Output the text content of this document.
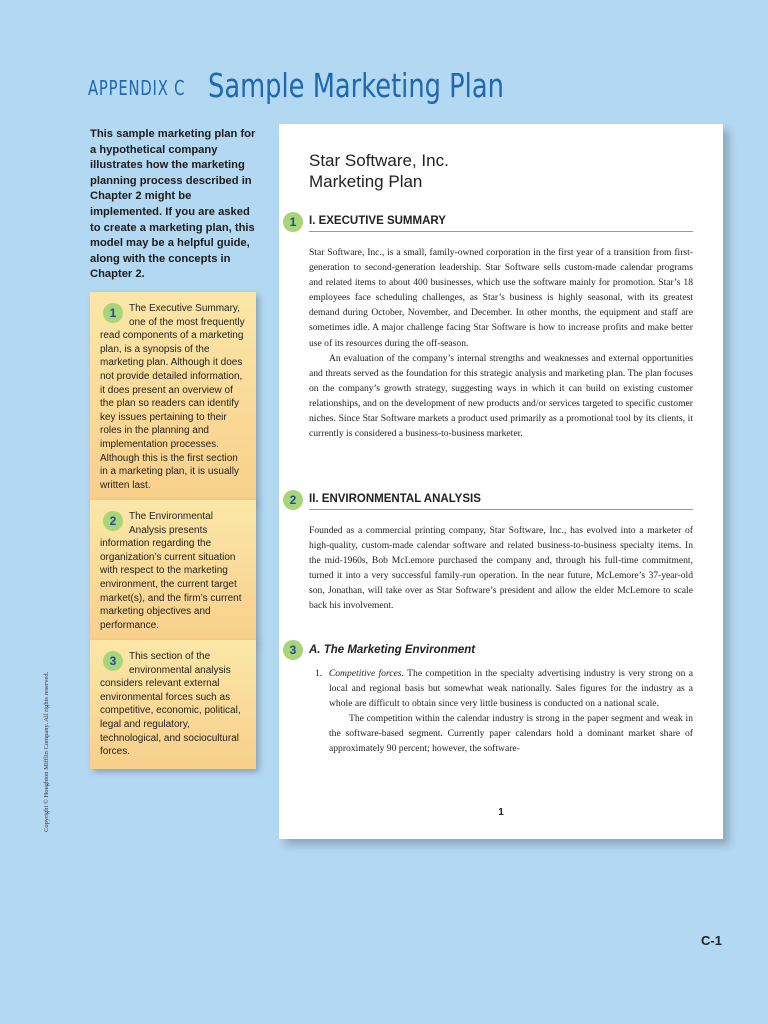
APPENDIX C Sample Marketing Plan

This sample marketing plan for a hypothetical company illustrates how the marketing planning process described in Chapter 2 might be implemented. If you are asked to create a marketing plan, this model may be a helpful guide, along with the concepts in Chapter 2.

1	The Executive Summary, one of the most frequently read components of a marketing plan, is a synopsis of the marketing plan. Although it does not provide detailed information, it does present an overview of the plan so readers can identify key issues pertaining to their roles in the planning and implementation processes. Although this is the first section in a marketing plan, it is usually written last.

2	The Environmental Analysis presents information regarding the organization’s current situation with respect to the marketing environment, the current target market(s), and the firm’s current marketing objectives and performance.

3	This section of the environmental analysis considers relevant external environmental forces such as competitive, economic, political, legal and regulatory, technological, and sociocultural forces.

Star Software, Inc.
Marketing Plan
1	I. EXECUTIVE SUMMARY

Star Software, Inc., is a small, family-owned corporation in the first year of a transition from first-generation to second-generation leadership. Star Software sells custom-made calendar programs and related items to about 400 businesses, which use the software mainly for promotion. Star’s 18 employees face scheduling challenges, as Star’s business is highly seasonal, with its greatest demand during October, November, and December. In other months, the equipment and staff are sometimes idle. A major challenge facing Star Software is how to increase profits and make better use of its resources during the off-season.
An evaluation of the company’s internal strengths and weaknesses and external opportunities and threats served as the foundation for this strategic analysis and marketing plan. The plan focuses on the company’s growth strategy, suggesting ways in which it can build on existing customer relationships, and on the development of new products and/or services targeted to specific customer niches. Since Star Software markets a product used primarily as a promotional tool by its clients, it currently is considered a business-to-business marketer.

2	II. ENVIRONMENTAL ANALYSIS

Founded as a commercial printing company, Star Software, Inc., has evolved into a marketer of high-quality, custom-made calendar software and related business-to-business specialty items. In the mid-1960s, Bob McLemore purchased the company and, through his full-time commitment, turned it into a very successful family-run operation. In the near future, McLemore’s 37-year-old son, Jonathan, will take over as Star Software’s president and allow the elder McLemore to scale back his involvement.

3	A. The Marketing Environment
1. Competitive forces. The competition in the specialty advertising industry is very strong on a local and regional basis but somewhat weak nationally. Sales figures for the industry as a whole are difficult to obtain since very little business is conducted on a national scale.
The competition within the calendar industry is strong in the paper segment and weak in the software-based segment. Currently paper calendars hold a dominant market share of approximately 90 percent; however, the software-
1
Copyright © Houghton Mifflin Company. All rights reserved.
C-1
